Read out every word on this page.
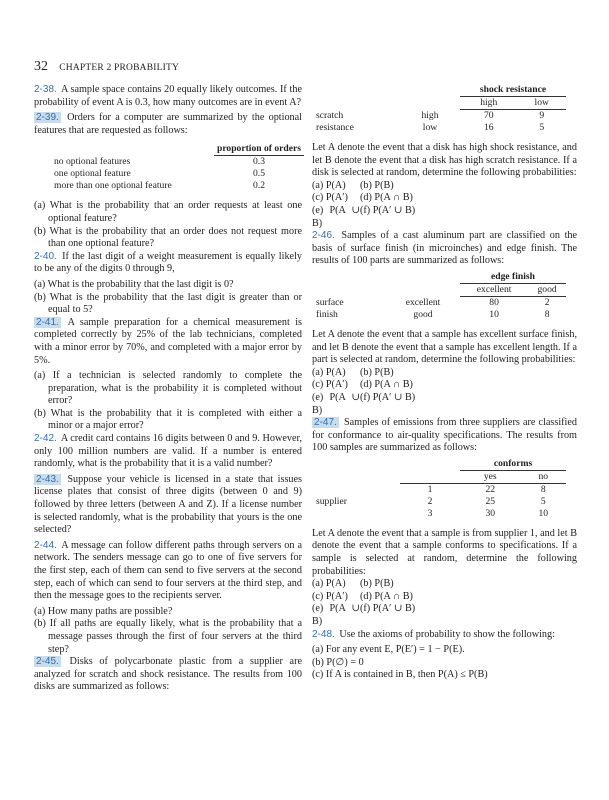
32 CHAPTER 2 PROBABILITY

2-38. A sample space contains 20 equally likely outcomes. If the probability of event A is 0.3, how many outcomes are in event A?

2-39. Orders for a computer are summarized by the optional features that are requested as follows:

	proportion of orders
no optional features	0.3
one optional feature	0.5
more than one optional feature	0.2

(a) What is the probability that an order requests at least one optional feature?

(b) What is the probability that an order does not request more than one optional feature?

2-40. If the last digit of a weight measurement is equally likely to be any of the digits 0 through 9,

(a) What is the probability that the last digit is 0?

(b) What is the probability that the last digit is greater than or equal to 5?

2-41. A sample preparation for a chemical measurement is completed correctly by 25% of the lab technicians, completed with a minor error by 70%, and completed with a major error by 5%.

(a) If a technician is selected randomly to complete the preparation, what is the probability it is completed without error?

(b) What is the probability that it is completed with either a minor or a major error?

2-42. A credit card contains 16 digits between 0 and 9. However, only 100 million numbers are valid. If a number is entered randomly, what is the probability that it is a valid number?

2-43. Suppose your vehicle is licensed in a state that issues license plates that consist of three digits (between 0 and 9) followed by three letters (between A and Z). If a license number is selected randomly, what is the probability that yours is the one selected?

2-44. A message can follow different paths through servers on a network. The senders message can go to one of five servers for the first step, each of them can send to five servers at the second step, each of which can send to four servers at the third step, and then the message goes to the recipients server.

(a) How many paths are possible?

(b) If all paths are equally likely, what is the probability that a message passes through the first of four servers at the third step?

2-45. Disks of polycarbonate plastic from a supplier are analyzed for scratch and shock resistance. The results from 100 disks are summarized as follows:

		shock resistance	
		high	low
scratch	high	70	9
resistance	low	16	5

Let A denote the event that a disk has high shock resistance, and let B denote the event that a disk has high scratch resistance. If a disk is selected at random, determine the following probabilities:

(a) P(A)	(b) P(B)
(c) P(A′)	(d) P(A ∩ B)
(e) P(A ∪ B)
(f) P(A′ ∪ B)

2-46. Samples of a cast aluminum part are classified on the basis of surface finish (in microinches) and edge finish. The results of 100 parts are summarized as follows:

		edge finish	
		excellent	good
surface	excellent	80	2
finish	good	10	8

Let A denote the event that a sample has excellent surface finish, and let B denote the event that a sample has excellent length. If a part is selected at random, determine the following probabilities:

(a) P(A)	(b) P(B)
(c) P(A′)	(d) P(A ∩ B)
(e) P(A ∪ B)
(f) P(A′ ∪ B)

2-47. Samples of emissions from three suppliers are classified for conformance to air-quality specifications. The results from 100 samples are summarized as follows:

		conforms	
		yes	no
	1	22	8
supplier	2	25	5
	3	30	10

Let A denote the event that a sample is from supplier 1, and let B denote the event that a sample conforms to specifications. If a sample is selected at random, determine the following probabilities:

(a) P(A)	(b) P(B)
(c) P(A′)	(d) P(A ∩ B)
(e) P(A ∪ B)
(f) P(A′ ∪ B)

2-48. Use the axioms of probability to show the following:

(a) For any event E, P(E′) = 1 − P(E).

(b) P(∅) = 0

(c) If A is contained in B, then P(A) ≤ P(B)
